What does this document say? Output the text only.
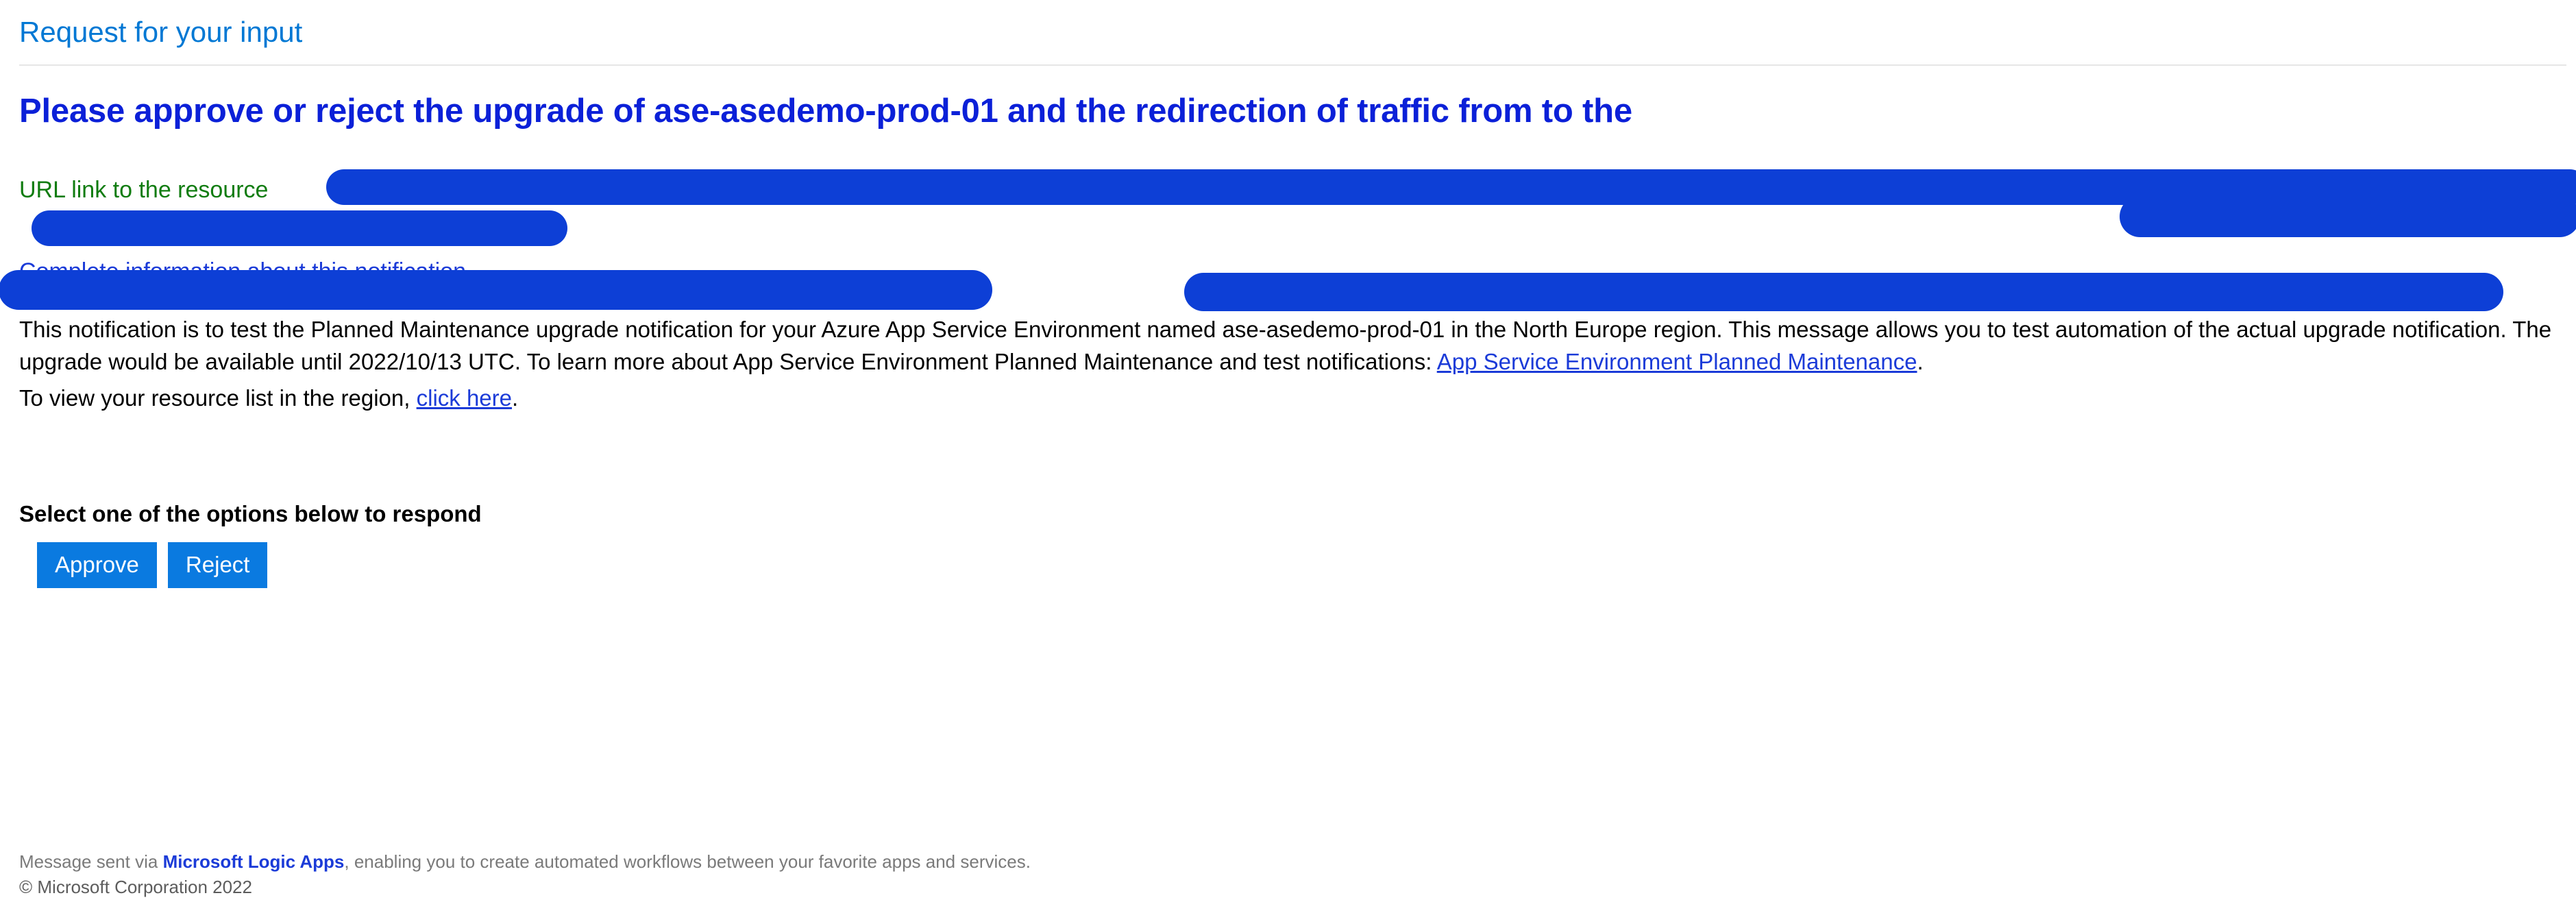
Request for your input
Please approve or reject the upgrade of ase-asedemo-prod-01 and the redirection of traffic from to the
URL link to the resource
This notification is to test the Planned Maintenance upgrade notification for your Azure App Service Environment named ase-asedemo-prod-01 in the North Europe region. This message allows you to test automation of the actual upgrade notification. The upgrade would be available until 2022/10/13 UTC. To learn more about App Service Environment Planned Maintenance and test notifications: App Service Environment Planned Maintenance.
To view your resource list in the region, click here.
Select one of the options below to respond
Approve	Reject
Message sent via Microsoft Logic Apps, enabling you to create automated workflows between your favorite apps and services.
© Microsoft Corporation 2022
